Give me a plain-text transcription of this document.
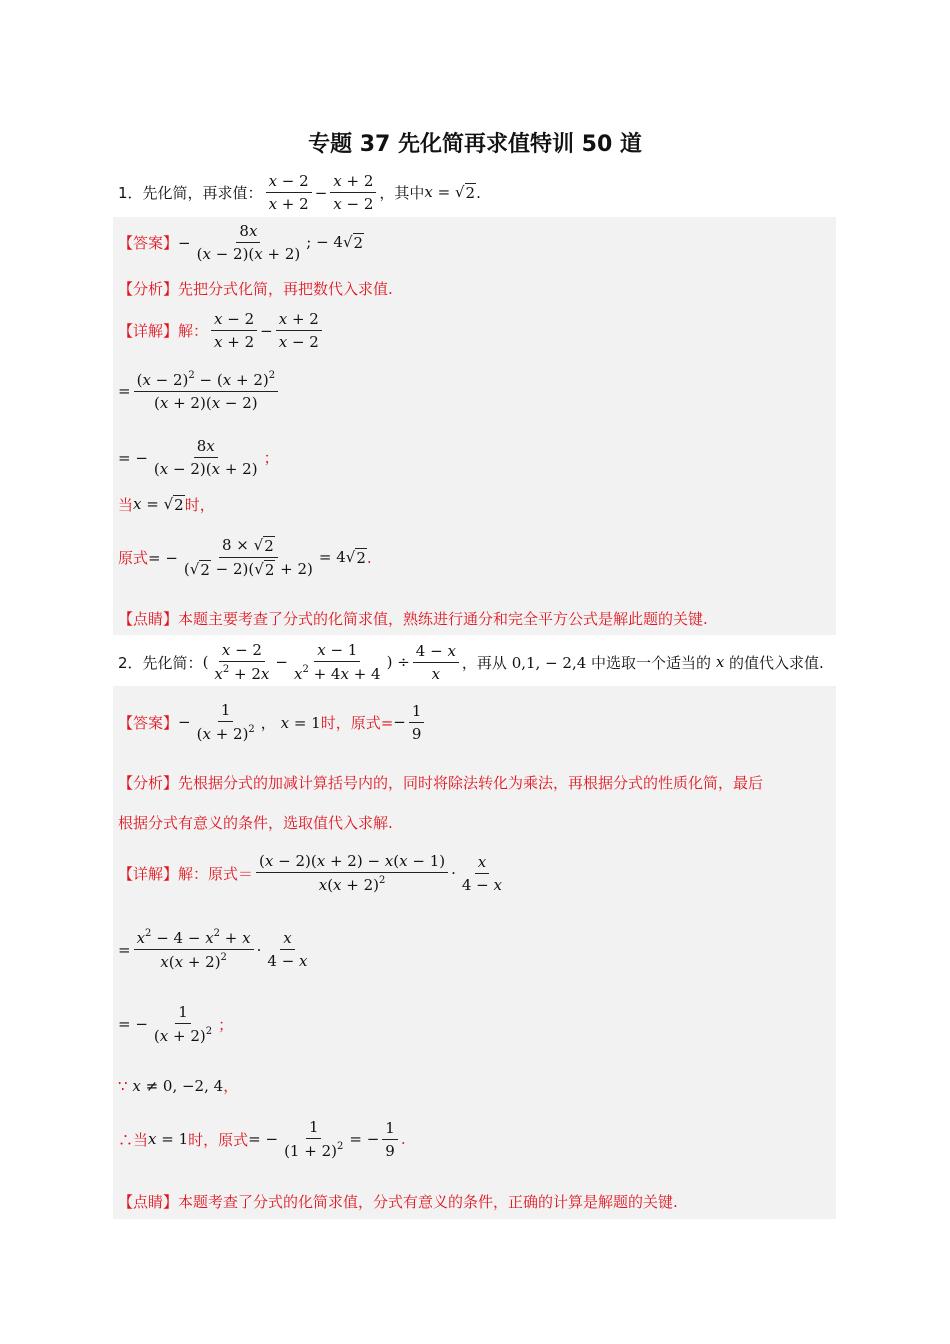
专题 37 先化简再求值特训 50 道
1． 先化简，再求值： $\frac{x - 2}{x + 2} - \frac{x + 2}{x - 2}$ ，其中 x = √ 2 .
【答案】 − $\frac{8x}{(x - 2)(x + 2)}$ ; − 4 √ 2
【分析】 先把分式化简，再把数代入求值.
【详解】 解： $\frac{x - 2}{x + 2} - \frac{x + 2}{x - 2}$
= $\frac{(x - 2)^2 - (x + 2)^2}{(x + 2)(x - 2)}$
= − $\frac{8x}{(x - 2)(x + 2)}$ ；
当 x = √ 2 时，
原式 = − $\frac{8 \times √ 2}{( √ 2 - 2)( √ 2 + 2)} = 4$ √ 2 .
【点睛】 本题主要考查了分式的化简求值，熟练进行通分和完全平方公式是解此题的关键.
2． 先化简： ( $\frac{x - 2}{x^2 + 2x} - \frac{x - 1}{x^2 + 4x + 4}$ ) ÷ $\frac{4 - x}{x}$ ，再从 0,1, − 2,4 中选取一个适当的 x 的值代入求值.
【答案】 − $\frac{1}{(x + 2)^2}$ ， x = 1 时，原式= − $\frac{1}{9}$
【分析】 先根据分式的加减计算括号内的，同时将除法转化为乘法，再根据分式的性质化简，最后
根据分式有意义的条件，选取值代入求解.
【详解】 解：原式＝ $\frac{(x - 2)(x + 2) - x(x - 1)}{x(x + 2)^2} \cdot \frac{x}{4 - x}$
= $\frac{x^2 - 4 - x^2 + x}{x(x + 2)^2} \cdot \frac{x}{4 - x}$
= − $\frac{1}{(x + 2)^2}$ ；
∵ x ≠ 0, −2, 4 ，
∴当 x = 1 时， 原式 = − $\frac{1}{(1 + 2)^2}$ = − $\frac{1}{9}$ .
【点睛】 本题考查了分式的化简求值，分式有意义的条件，正确的计算是解题的关键.
